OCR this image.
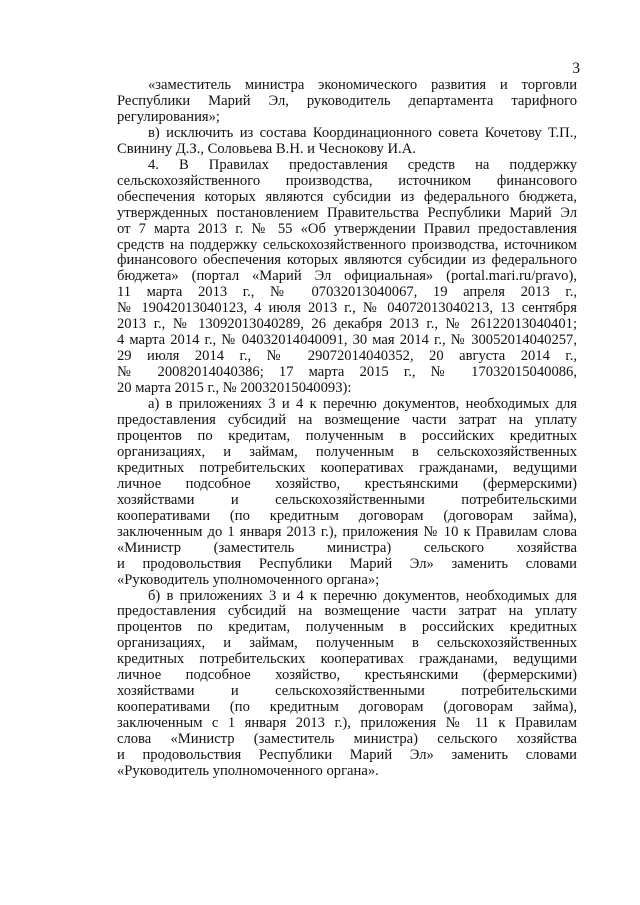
3

«заместитель министра экономического развития и торговли
Республики Марий Эл, руководитель департамента тарифного
регулирования»;

в) исключить из состава Координационного совета Кочетову Т.П.,
Свинину Д.З., Соловьева В.Н. и Чеснокову И.А.

4. В Правилах предоставления средств на поддержку
сельскохозяйственного производства, источником финансового
обеспечения которых являются субсидии из федерального бюджета,
утвержденных постановлением Правительства Республики Марий Эл
от 7 марта 2013 г. № 55 «Об утверждении Правил предоставления
средств на поддержку сельскохозяйственного производства, источником
финансового обеспечения которых являются субсидии из федерального
бюджета» (портал «Марий Эл официальная» (portal.mari.ru/pravo),
11 марта 2013 г., № 07032013040067, 19 апреля 2013 г.,
№ 19042013040123, 4 июля 2013 г., № 04072013040213, 13 сентября
2013 г., № 13092013040289, 26 декабря 2013 г., № 26122013040401;
4 марта 2014 г., № 04032014040091, 30 мая 2014 г., № 30052014040257,
29 июля 2014 г., № 29072014040352, 20 августа 2014 г.,
№ 20082014040386; 17 марта 2015 г., № 17032015040086,
20 марта 2015 г., № 20032015040093):

а) в приложениях 3 и 4 к перечню документов, необходимых для
предоставления субсидий на возмещение части затрат на уплату
процентов по кредитам, полученным в российских кредитных
организациях, и займам, полученным в сельскохозяйственных
кредитных потребительских кооперативах гражданами, ведущими
личное подсобное хозяйство, крестьянскими (фермерскими)
хозяйствами и сельскохозяйственными потребительскими
кооперативами (по кредитным договорам (договорам займа),
заключенным до 1 января 2013 г.), приложения № 10 к Правилам слова
«Министр (заместитель министра) сельского хозяйства
и продовольствия Республики Марий Эл» заменить словами
«Руководитель уполномоченного органа»;

б) в приложениях 3 и 4 к перечню документов, необходимых для
предоставления субсидий на возмещение части затрат на уплату
процентов по кредитам, полученным в российских кредитных
организациях, и займам, полученным в сельскохозяйственных
кредитных потребительских кооперативах гражданами, ведущими
личное подсобное хозяйство, крестьянскими (фермерскими)
хозяйствами и сельскохозяйственными потребительскими
кооперативами (по кредитным договорам (договорам займа),
заключенным с 1 января 2013 г.), приложения № 11 к Правилам
слова «Министр (заместитель министра) сельского хозяйства
и продовольствия Республики Марий Эл» заменить словами
«Руководитель уполномоченного органа».
